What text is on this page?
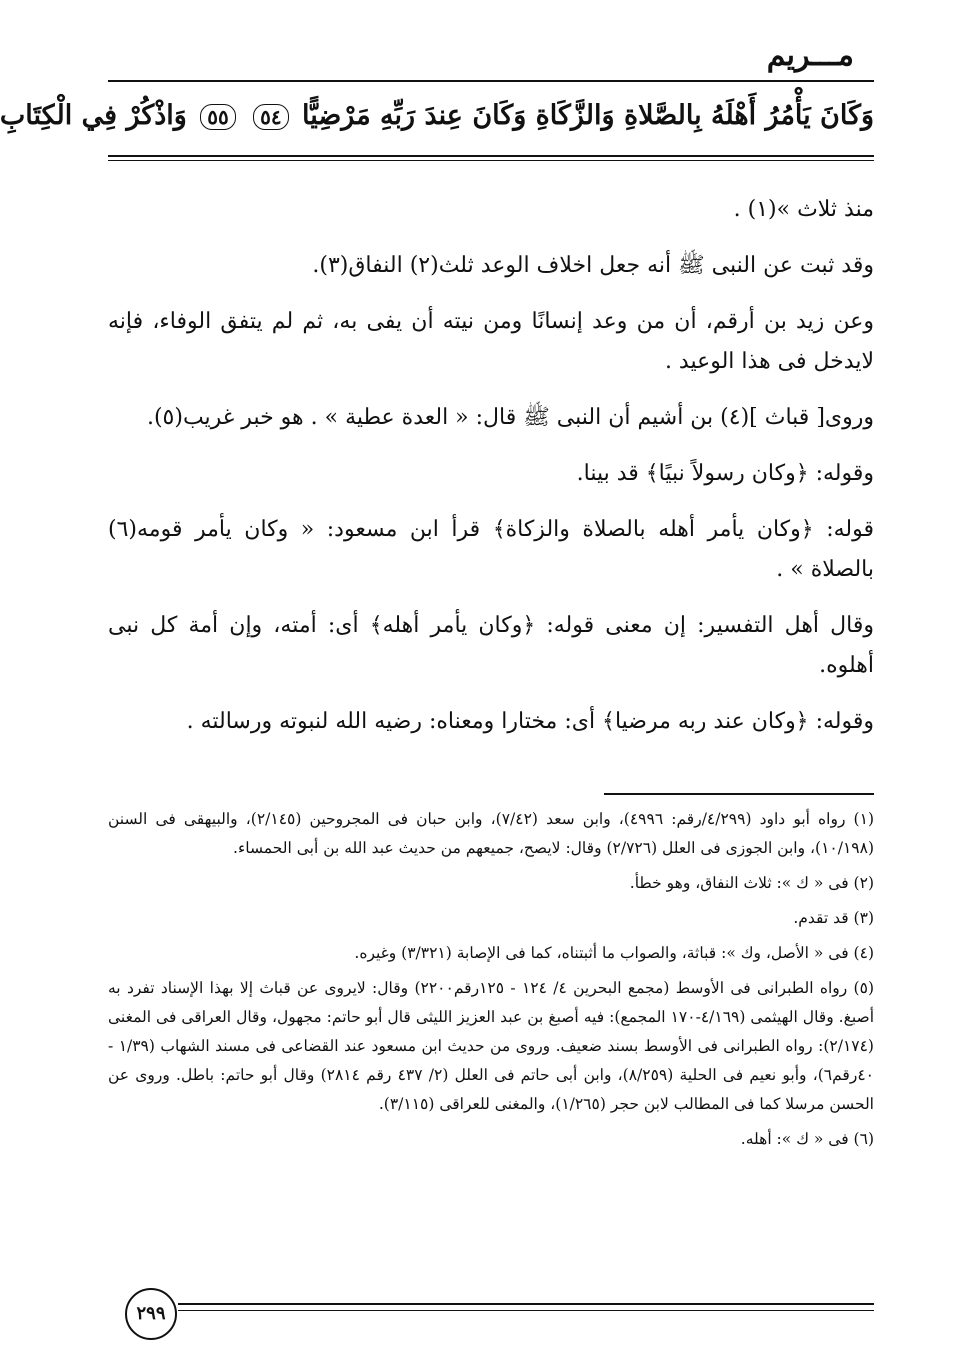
مـــريم
وَكَانَ يَأْمُرُ أَهْلَهُ بِالصَّلاةِ وَالزَّكَاةِ وَكَانَ عِندَ رَبِّهِ مَرْضِيًّا ٥٤ ٥٥ وَاذْكُرْ فِي الْكِتَابِ

منذ ثلاث »(١) .

وقد ثبت عن النبى ﷺ أنه جعل اخلاف الوعد ثلث(٢) النفاق(٣).

وعن زيد بن أرقم، أن من وعد إنسانًا ومن نيته أن يفى به، ثم لم يتفق الوفاء، فإنه لايدخل فى هذا الوعيد .

وروى[ قباث ](٤) بن أشيم أن النبى ﷺ قال: « العدة عطية » . هو خبر غريب(٥).

وقوله: ﴿وكان رسولاً نبيًا﴾ قد بينا.

قوله: ﴿وكان يأمر أهله بالصلاة والزكاة﴾ قرأ ابن مسعود: « وكان يأمر قومه(٦) بالصلاة » .

وقال أهل التفسير: إن معنى قوله: ﴿وكان يأمر أهله﴾ أى: أمته، وإن أمة كل نبى أهلوه.

وقوله: ﴿وكان عند ربه مرضيا﴾ أى: مختارا ومعناه: رضيه الله لنبوته ورسالته .

(١) رواه أبو داود (٤/٢٩٩/رقم: ٤٩٩٦)، وابن سعد (٧/٤٢)، وابن حبان فى المجروحين (٢/١٤٥)، والبيهقى فى السنن (١٠/١٩٨)، وابن الجوزى فى العلل (٢/٧٢٦) وقال: لايصح، جميعهم من حديث عبد الله بن أبى الحمساء.

(٢) فى « ك »: ثلاث النفاق، وهو خطأ.

(٣) قد تقدم.

(٤) فى « الأصل، وك »: قباثة، والصواب ما أثبتناه، كما فى الإصابة (٣/٣٢١) وغيره.

(٥) رواه الطبرانى فى الأوسط (مجمع البحرين ٤/ ١٢٤ - ١٢٥رقم٢٢٠٠) وقال: لايروى عن قباث إلا بهذا الإسناد تفرد به أصبغ. وقال الهيثمى (٤/١٦٩-١٧٠ المجمع): فيه أصبغ بن عبد العزيز الليثى قال أبو حاتم: مجهول، وقال العراقى فى المغنى (٢/١٧٤): رواه الطبرانى فى الأوسط بسند ضعيف. وروى من حديث ابن مسعود عند القضاعى فى مسند الشهاب (١/٣٩ - ٤٠رقم٦)، وأبو نعيم فى الحلية (٨/٢٥٩)، وابن أبى حاتم فى العلل (٢/ ٤٣٧ رقم ٢٨١٤) وقال أبو حاتم: باطل. وروى عن الحسن مرسلا كما فى المطالب لابن حجر (١/٢٦٥)، والمغنى للعراقى (٣/١١٥).

(٦) فى « ك »: أهله.

٢٩٩
